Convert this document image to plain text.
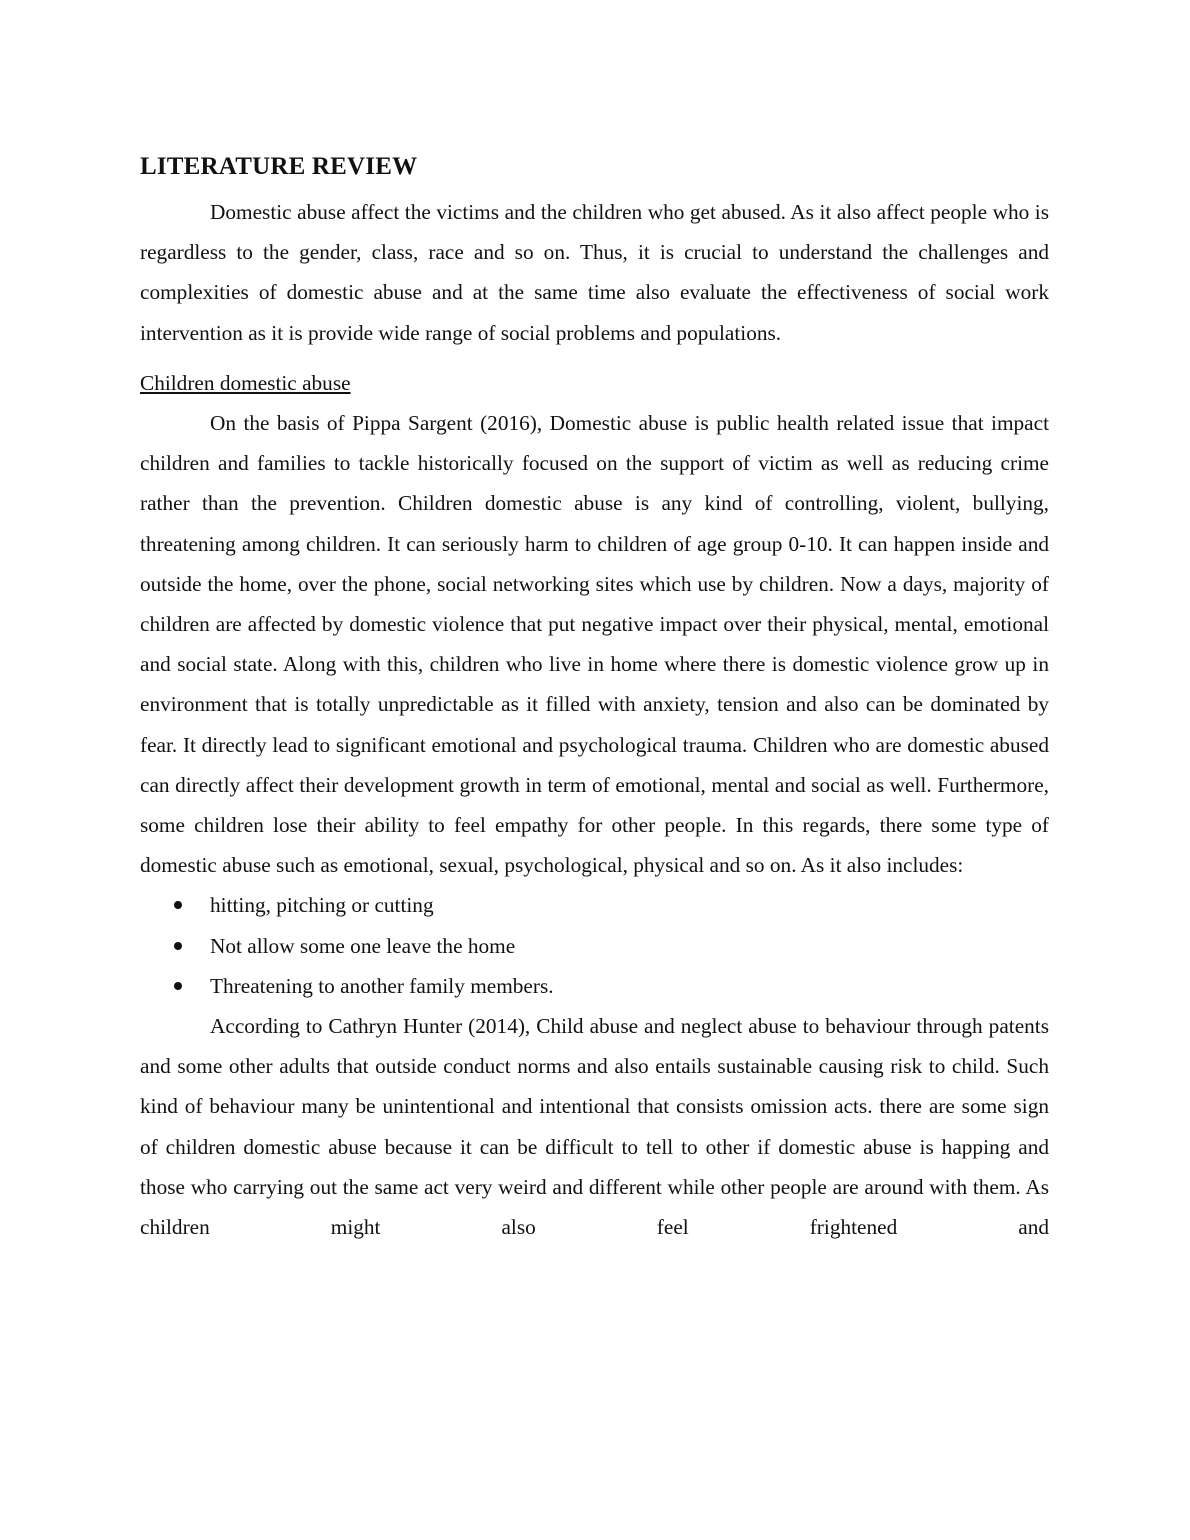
LITERATURE REVIEW

Domestic abuse affect the victims and the children who get abused. As it also affect people who is regardless to the gender, class, race and so on. Thus, it is crucial to understand the challenges and complexities of domestic abuse and at the same time also evaluate the effectiveness of social work intervention as it is provide wide range of social problems and populations.

Children domestic abuse

On the basis of Pippa Sargent (2016), Domestic abuse is public health related issue that impact children and families to tackle historically focused on the support of victim as well as reducing crime rather than the prevention. Children domestic abuse is any kind of controlling, violent, bullying, threatening among children. It can seriously harm to children of age group 0-10. It can happen inside and outside the home, over the phone, social networking sites which use by children. Now a days, majority of children are affected by domestic violence that put negative impact over their physical, mental, emotional and social state. Along with this, children who live in home where there is domestic violence grow up in environment that is totally unpredictable as it filled with anxiety, tension and also can be dominated by fear. It directly lead to significant emotional and psychological trauma. Children who are domestic abused can directly affect their development growth in term of emotional, mental and social as well. Furthermore, some children lose their ability to feel empathy for other people. In this regards, there some type of domestic abuse such as emotional, sexual, psychological, physical and so on. As it also includes:

hitting, pitching or cutting
Not allow some one leave the home
Threatening to another family members.

According to Cathryn Hunter (2014), Child abuse and neglect abuse to behaviour through patents and some other adults that outside conduct norms and also entails sustainable causing risk to child. Such kind of behaviour many be unintentional and intentional that consists omission acts. there are some sign of children domestic abuse because it can be difficult to tell to other if domestic abuse is happing and those who carrying out the same act very weird and different while other people are around with them. As children might also feel frightened and
